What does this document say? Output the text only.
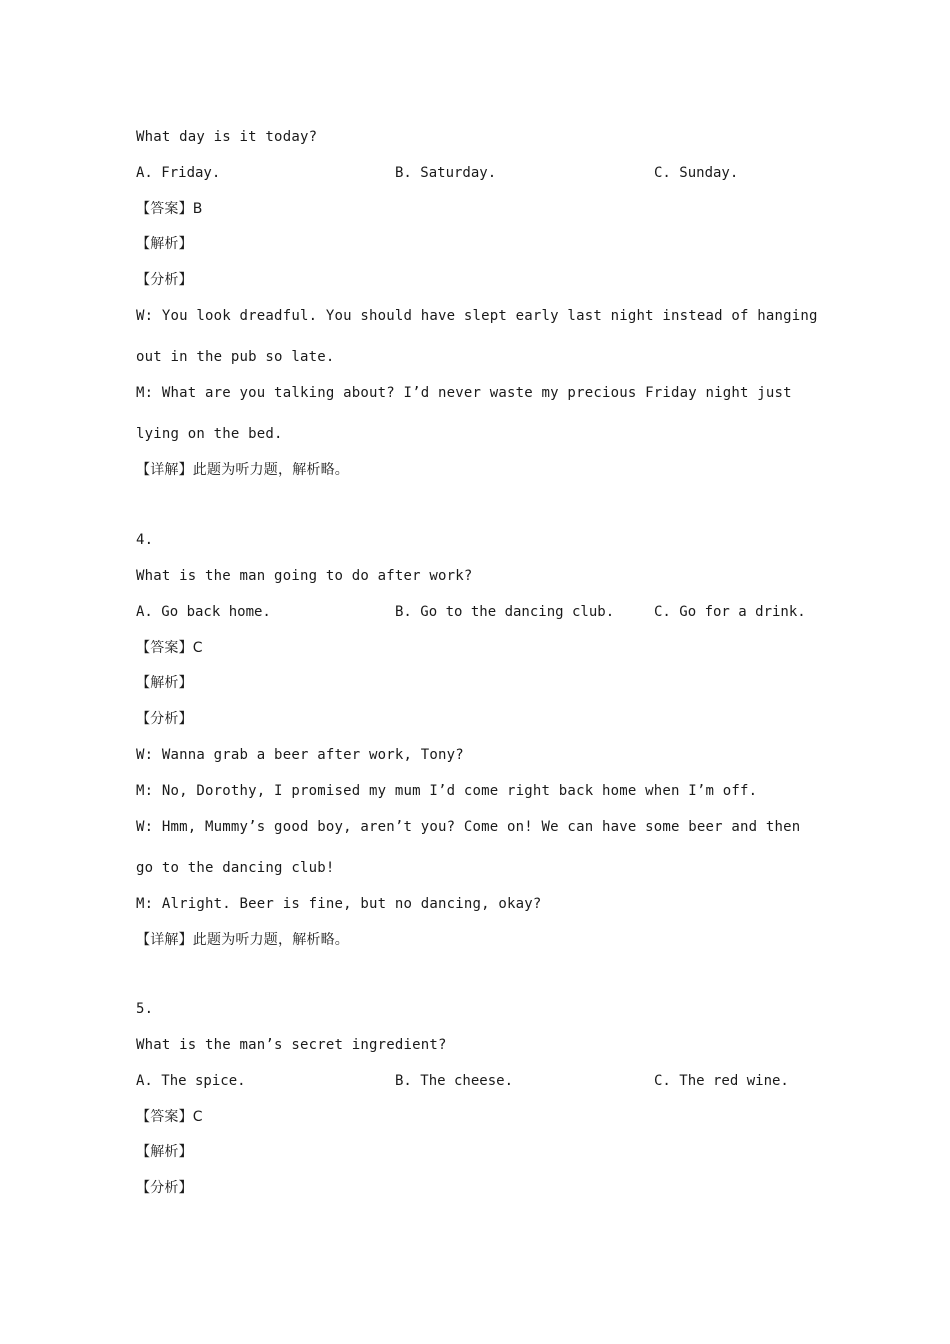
What day is it today?
A. Friday.	B. Saturday.	C. Sunday.
【答案】B
【解析】
【分析】
W: You look dreadful. You should have slept early last night instead of hanging
out in the pub so late.
M: What are you talking about? I’d never waste my precious Friday night just
lying on the bed.
【详解】此题为听力题，解析略。
4.
What is the man going to do after work?
A. Go back home.	B. Go to the dancing club.	C. Go for a drink.
【答案】C
【解析】
【分析】
W: Wanna grab a beer after work, Tony?
M: No, Dorothy, I promised my mum I’d come right back home when I’m off.
W: Hmm, Mummy’s good boy, aren’t you? Come on! We can have some beer and then
go to the dancing club!
M: Alright. Beer is fine, but no dancing, okay?
【详解】此题为听力题，解析略。
5.
What is the man’s secret ingredient?
A. The spice.	B. The cheese.	C. The red wine.
【答案】C
【解析】
【分析】
